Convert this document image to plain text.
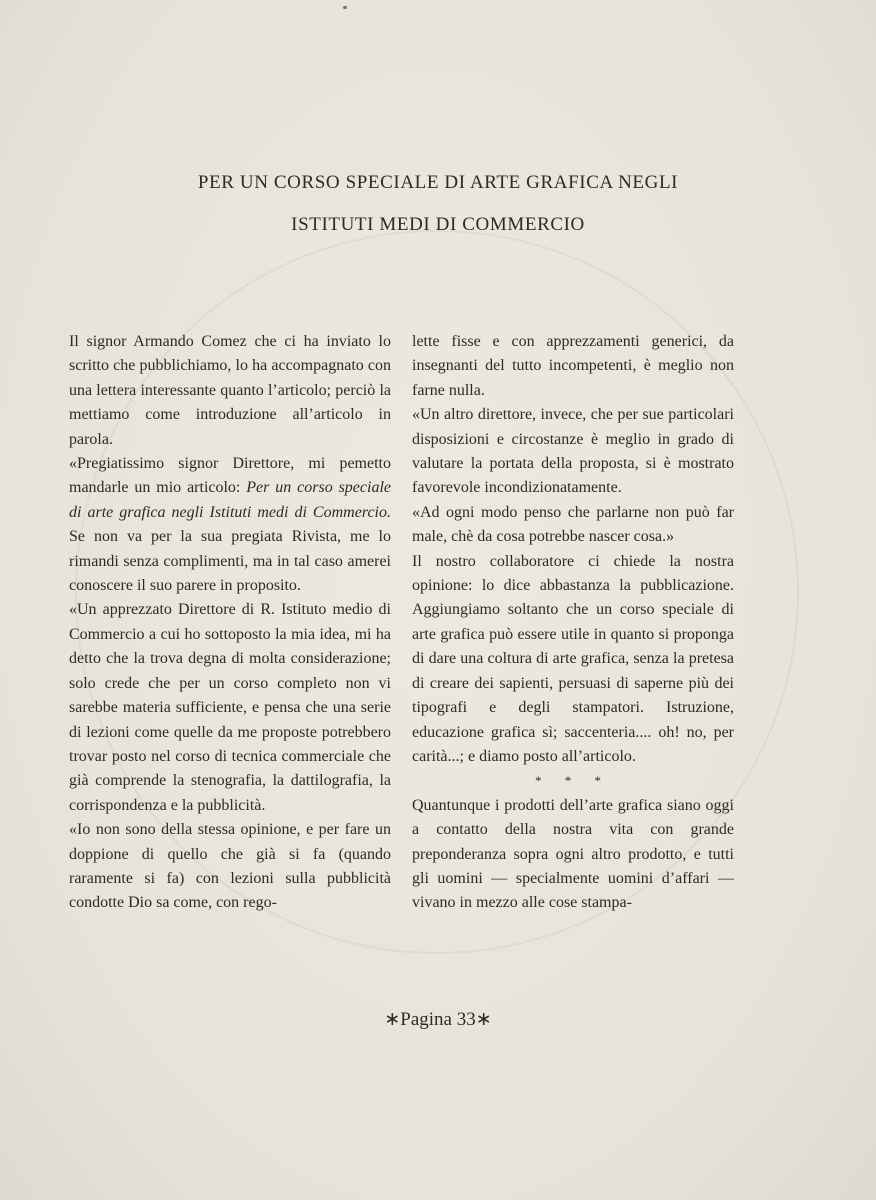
PER UN CORSO SPECIALE DI ARTE GRAFICA NEGLI
ISTITUTI MEDI DI COMMERCIO

Il signor Armando Comez che ci ha inviato lo scritto che pubblichiamo, lo ha accompagnato con una lettera interessante quanto l’articolo; perciò la mettiamo come introduzione all’articolo in parola.

«Pregiatissimo signor Direttore, mi pemetto mandarle un mio articolo: Per un corso speciale di arte grafica negli Istituti medi di Commercio. Se non va per la sua pregiata Rivista, me lo rimandi senza complimenti, ma in tal caso amerei conoscere il suo parere in proposito.

«Un apprezzato Direttore di R. Istituto medio di Commercio a cui ho sottoposto la mia idea, mi ha detto che la trova degna di molta considerazione; solo crede che per un corso completo non vi sarebbe materia sufficiente, e pensa che una serie di lezioni come quelle da me proposte potrebbero trovar posto nel corso di tecnica commerciale che già comprende la stenografia, la dattilografia, la corrispondenza e la pubblicità.

«Io non sono della stessa opinione, e per fare un doppione di quello che già si fa (quando raramente si fa) con lezioni sulla pubblicità condotte Dio sa come, con rego-

lette fisse e con apprezzamenti generici, da insegnanti del tutto incompetenti, è meglio non farne nulla.

«Un altro direttore, invece, che per sue particolari disposizioni e circostanze è meglio in grado di valutare la portata della proposta, si è mostrato favorevole incondizionatamente.

«Ad ogni modo penso che parlarne non può far male, chè da cosa potrebbe nascer cosa.»

Il nostro collaboratore ci chiede la nostra opinione: lo dice abbastanza la pubblicazione. Aggiungiamo soltanto che un corso speciale di arte grafica può essere utile in quanto si proponga di dare una coltura di arte grafica, senza la pretesa di creare dei sapienti, persuasi di saperne più dei tipografi e degli stampatori. Istruzione, educazione grafica sì; saccenteria.... oh! no, per carità...; e diamo posto all’articolo.

* * *

Quantunque i prodotti dell’arte grafica siano oggi a contatto della nostra vita con grande preponderanza sopra ogni altro prodotto, e tutti gli uomini — specialmente uomini d’affari — vivano in mezzo alle cose stampa-

∗Pagina 33∗
